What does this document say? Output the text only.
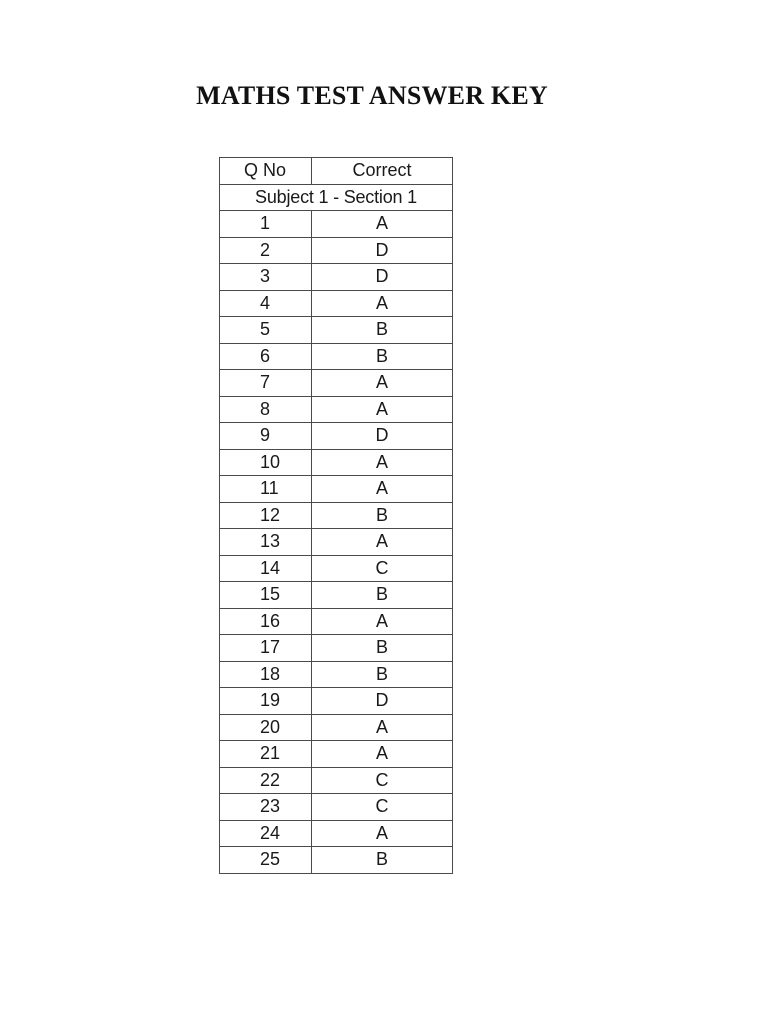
MATHS TEST ANSWER KEY
Q No	Correct
Subject 1 - Section 1	
1	A
2	D
3	D
4	A
5	B
6	B
7	A
8	A
9	D
10	A
11	A
12	B
13	A
14	C
15	B
16	A
17	B
18	B
19	D
20	A
21	A
22	C
23	C
24	A
25	B
